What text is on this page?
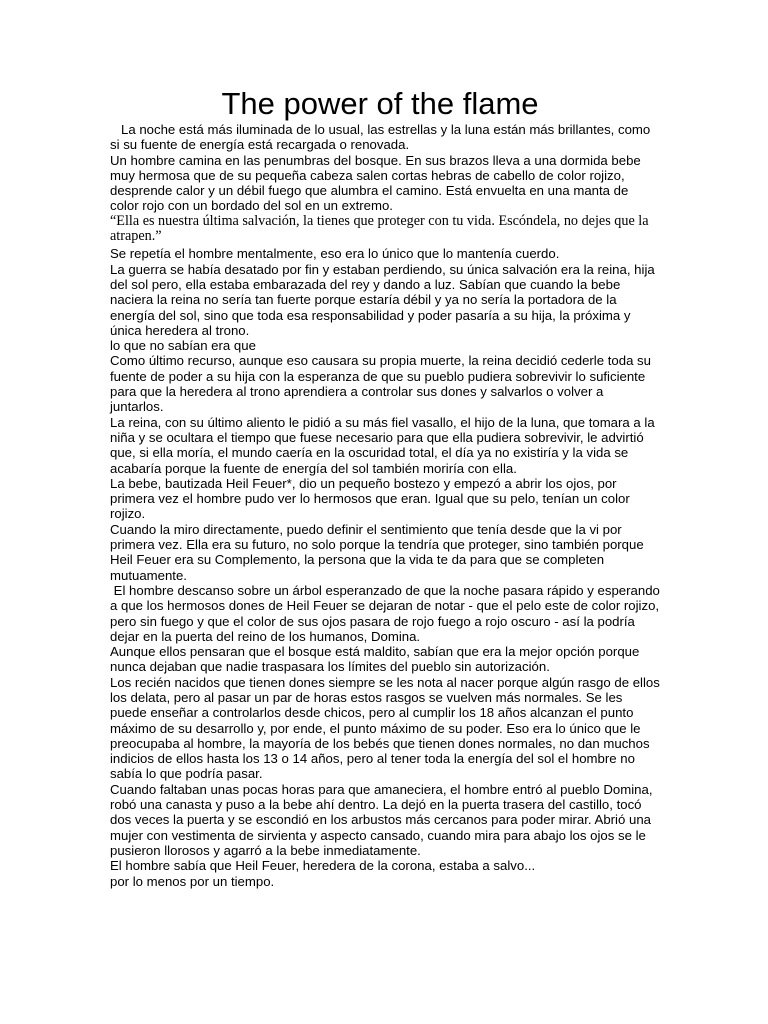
The power of the flame

La noche está más iluminada de lo usual, las estrellas y la luna están más brillantes, como si su fuente de energía está recargada o renovada.

Un hombre camina en las penumbras del bosque. En sus brazos lleva a una dormida bebe muy hermosa que de su pequeña cabeza salen cortas hebras de cabello de color rojizo, desprende calor y un débil fuego que alumbra el camino. Está envuelta en una manta de color rojo con un bordado del sol en un extremo.

“Ella es nuestra última salvación, la tienes que proteger con tu vida. Escóndela, no dejes que la atrapen.”

Se repetía el hombre mentalmente, eso era lo único que lo mantenía cuerdo.

La guerra se había desatado por fin y estaban perdiendo, su única salvación era la reina, hija del sol pero, ella estaba embarazada del rey y dando a luz. Sabían que cuando la bebe naciera la reina no sería tan fuerte porque estaría débil y ya no sería la portadora de la energía del sol, sino que toda esa responsabilidad y poder pasaría a su hija, la próxima y única heredera al trono.

lo que no sabían era que

Como último recurso, aunque eso causara su propia muerte, la reina decidió cederle toda su fuente de poder a su hija con la esperanza de que su pueblo pudiera sobrevivir lo suficiente para que la heredera al trono aprendiera a controlar sus dones y salvarlos o volver a juntarlos.

La reina, con su último aliento le pidió a su más fiel vasallo, el hijo de la luna, que tomara a la niña y se ocultara el tiempo que fuese necesario para que ella pudiera sobrevivir, le advirtió que, si ella moría, el mundo caería en la oscuridad total, el día ya no existiría y la vida se acabaría porque la fuente de energía del sol también moriría con ella.

La bebe, bautizada Heil Feuer*, dio un pequeño bostezo y empezó a abrir los ojos, por primera vez el hombre pudo ver lo hermosos que eran. Igual que su pelo, tenían un color rojizo.

Cuando la miro directamente, puedo definir el sentimiento que tenía desde que la vi por primera vez. Ella era su futuro, no solo porque la tendría que proteger, sino también porque Heil Feuer era su Complemento, la persona que la vida te da para que se completen mutuamente.

El hombre descanso sobre un árbol esperanzado de que la noche pasara rápido y esperando a que los hermosos dones de Heil Feuer se dejaran de notar - que el pelo este de color rojizo, pero sin fuego y que el color de sus ojos pasara de rojo fuego a rojo oscuro - así la podría dejar en la puerta del reino de los humanos, Domina.

Aunque ellos pensaran que el bosque está maldito, sabían que era la mejor opción porque nunca dejaban que nadie traspasara los límites del pueblo sin autorización.

Los recién nacidos que tienen dones siempre se les nota al nacer porque algún rasgo de ellos los delata, pero al pasar un par de horas estos rasgos se vuelven más normales. Se les puede enseñar a controlarlos desde chicos, pero al cumplir los 18 años alcanzan el punto máximo de su desarrollo y, por ende, el punto máximo de su poder. Eso era lo único que le preocupaba al hombre, la mayoría de los bebés que tienen dones normales, no dan muchos indicios de ellos hasta los 13 o 14 años, pero al tener toda la energía del sol el hombre no sabía lo que podría pasar.

Cuando faltaban unas pocas horas para que amaneciera, el hombre entró al pueblo Domina, robó una canasta y puso a la bebe ahí dentro. La dejó en la puerta trasera del castillo, tocó dos veces la puerta y se escondió en los arbustos más cercanos para poder mirar. Abrió una mujer con vestimenta de sirvienta y aspecto cansado, cuando mira para abajo los ojos se le pusieron llorosos y agarró a la bebe inmediatamente.

El hombre sabía que Heil Feuer, heredera de la corona, estaba a salvo...

por lo menos por un tiempo.
